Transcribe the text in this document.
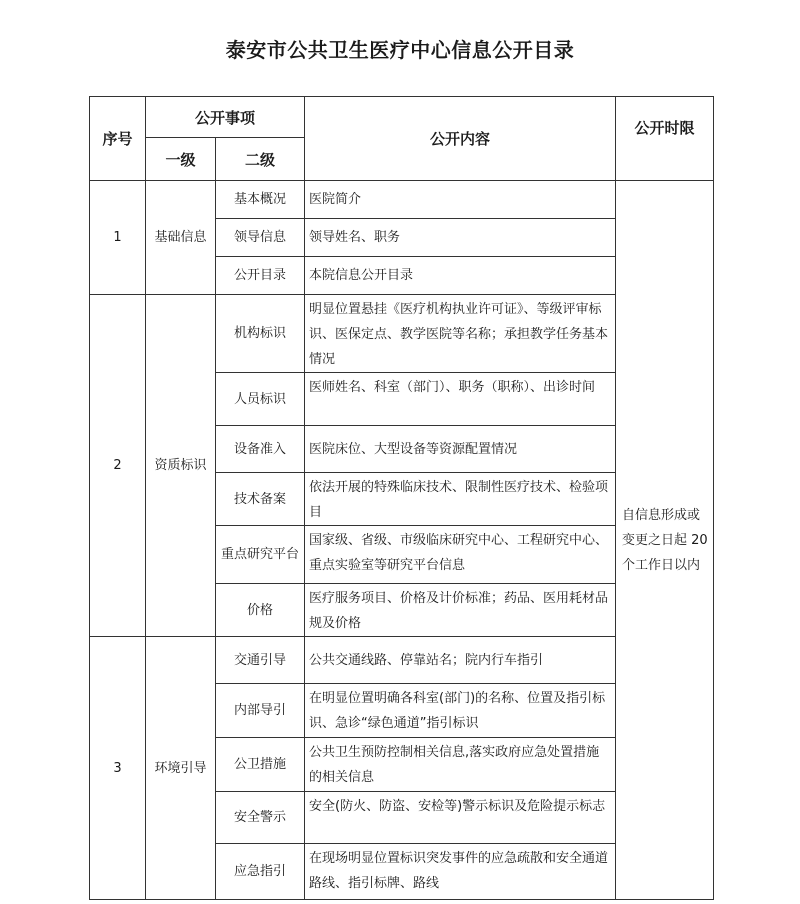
泰安市公共卫生医疗中心信息公开目录
序号	公开事项		公开内容	公开时限
	一级	二级		
1	基础信息	基本概况	医院简介	自信息形成或变更之日起 20 个工作日以内
		领导信息	领导姓名、职务	
		公开目录	本院信息公开目录	
2	资质标识	机构标识	明显位置悬挂《医疗机构执业许可证》、等级评审标识、医保定点、教学医院等名称；承担教学任务基本情况	
		人员标识	医师姓名、科室（部门）、职务（职称）、出诊时间	
		设备准入	医院床位、大型设备等资源配置情况	
		技术备案	依法开展的特殊临床技术、限制性医疗技术、检验项目	
		重点研究平台	国家级、省级、市级临床研究中心、工程研究中心、重点实验室等研究平台信息	
		价格	医疗服务项目、价格及计价标准；药品、医用耗材品规及价格	
3	环境引导	交通引导	公共交通线路、停靠站名；院内行车指引	
		内部导引	在明显位置明确各科室(部门)的名称、位置及指引标识、急诊“绿色通道”指引标识	
		公卫措施	公共卫生预防控制相关信息,落实政府应急处置措施的相关信息	
		安全警示	安全(防火、防盗、安检等)警示标识及危险提示标志	
		应急指引	在现场明显位置标识突发事件的应急疏散和安全通道路线、指引标牌、路线	
